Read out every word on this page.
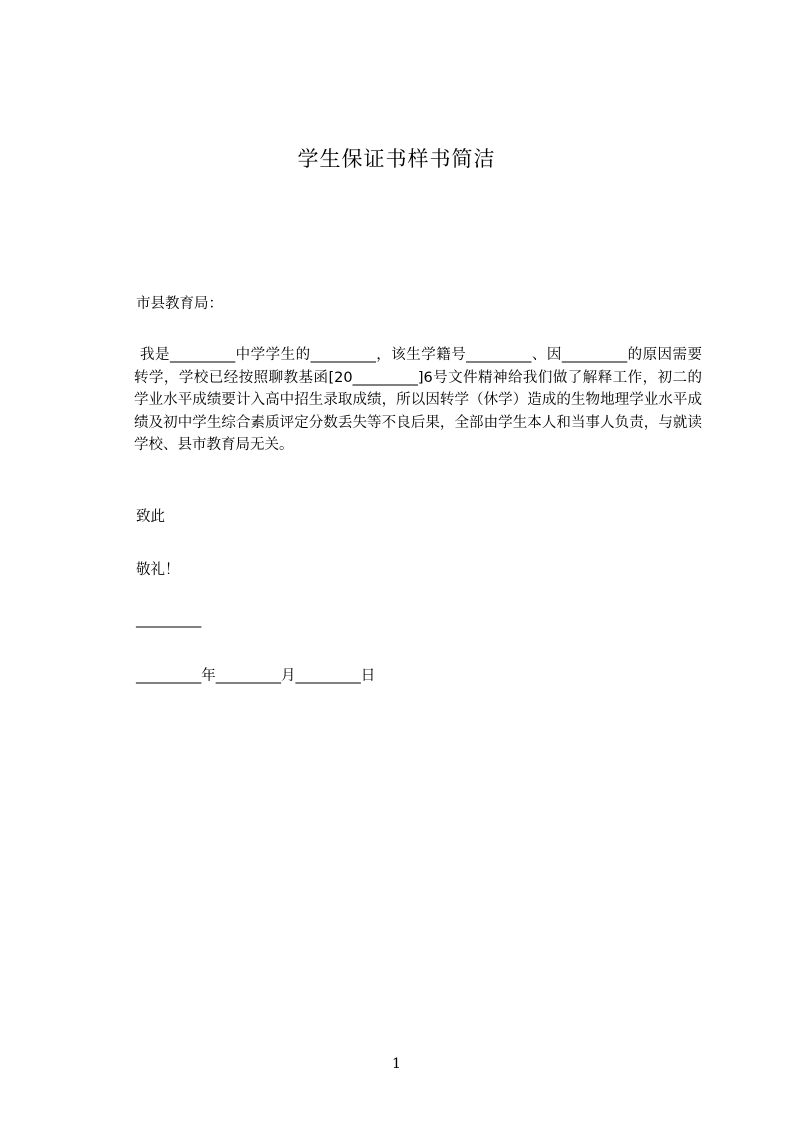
学生保证书样书简洁
市县教育局：
我是_________中学学生的_________，该生学籍号_________、因_________的原因需要转学，学校已经按照聊教基函[20_________]6号文件精神给我们做了解释工作，初二的学业水平成绩要计入高中招生录取成绩，所以因转学（休学）造成的生物地理学业水平成绩及初中学生综合素质评定分数丢失等不良后果，全部由学生本人和当事人负责，与就读学校、县市教育局无关。
致此
敬礼！
_________
_________年_________月_________日
1
